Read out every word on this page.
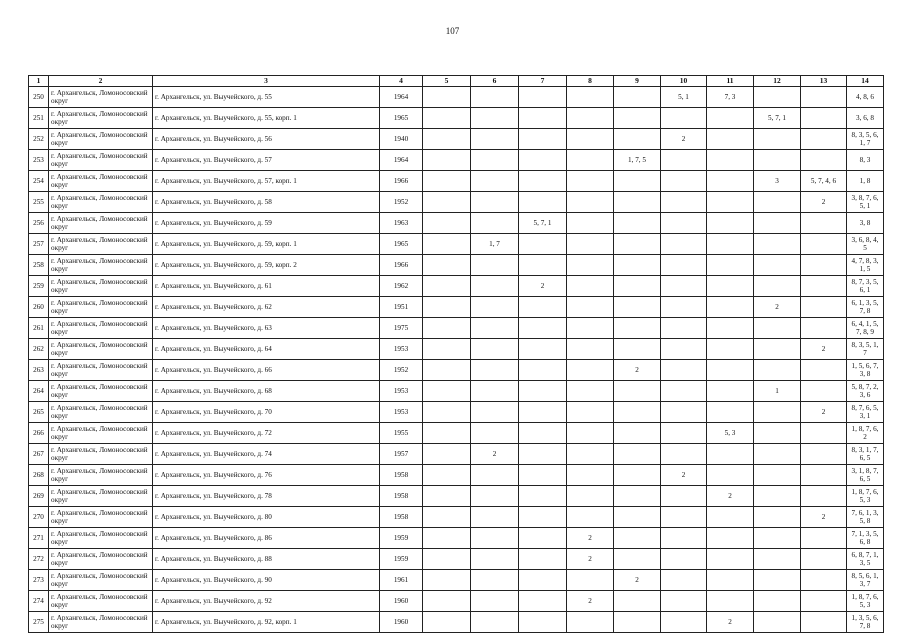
107
1	2	3	4	5	6	7	8	9	10	11	12	13	14
250	г. Архангельск, Ломоносовский округ	г. Архангельск, ул. Выучейского, д. 55	1964						5, 1	7, 3			4, 8, 6
251	г. Архангельск, Ломоносовский округ	г. Архангельск, ул. Выучейского, д. 55, корп. 1	1965								5, 7, 1		3, 6, 8
252	г. Архангельск, Ломоносовский округ	г. Архангельск, ул. Выучейского, д. 56	1940						2				8, 3, 5, 6, 1, 7
253	г. Архангельск, Ломоносовский округ	г. Архангельск, ул. Выучейского, д. 57	1964					1, 7, 5					8, 3
254	г. Архангельск, Ломоносовский округ	г. Архангельск, ул. Выучейского, д. 57, корп. 1	1966								3	5, 7, 4, 6	1, 8
255	г. Архангельск, Ломоносовский округ	г. Архангельск, ул. Выучейского, д. 58	1952									2	3, 8, 7, 6, 5, 1
256	г. Архангельск, Ломоносовский округ	г. Архангельск, ул. Выучейского, д. 59	1963			5, 7, 1							3, 8
257	г. Архангельск, Ломоносовский округ	г. Архангельск, ул. Выучейского, д. 59, корп. 1	1965		1, 7								3, 6, 8, 4, 5
258	г. Архангельск, Ломоносовский округ	г. Архангельск, ул. Выучейского, д. 59, корп. 2	1966										4, 7, 8, 3, 1, 5
259	г. Архангельск, Ломоносовский округ	г. Архангельск, ул. Выучейского, д. 61	1962			2							8, 7, 3, 5, 6, 1
260	г. Архангельск, Ломоносовский округ	г. Архангельск, ул. Выучейского, д. 62	1951								2		6, 1, 3, 5, 7, 8
261	г. Архангельск, Ломоносовский округ	г. Архангельск, ул. Выучейского, д. 63	1975										6, 4, 1, 5, 7, 8, 9
262	г. Архангельск, Ломоносовский округ	г. Архангельск, ул. Выучейского, д. 64	1953									2	8, 3, 5, 1, 7
263	г. Архангельск, Ломоносовский округ	г. Архангельск, ул. Выучейского, д. 66	1952					2					1, 5, 6, 7, 3, 8
264	г. Архангельск, Ломоносовский округ	г. Архангельск, ул. Выучейского, д. 68	1953								1		5, 8, 7, 2, 3, 6
265	г. Архангельск, Ломоносовский округ	г. Архангельск, ул. Выучейского, д. 70	1953									2	8, 7, 6, 5, 3, 1
266	г. Архангельск, Ломоносовский округ	г. Архангельск, ул. Выучейского, д. 72	1955							5, 3			1, 8, 7, 6, 2
267	г. Архангельск, Ломоносовский округ	г. Архангельск, ул. Выучейского, д. 74	1957		2								8, 3, 1, 7, 6, 5
268	г. Архангельск, Ломоносовский округ	г. Архангельск, ул. Выучейского, д. 76	1958						2				3, 1, 8, 7, 6, 5
269	г. Архангельск, Ломоносовский округ	г. Архангельск, ул. Выучейского, д. 78	1958							2			1, 8, 7, 6, 5, 3
270	г. Архангельск, Ломоносовский округ	г. Архангельск, ул. Выучейского, д. 80	1958									2	7, 6, 1, 3, 5, 8
271	г. Архангельск, Ломоносовский округ	г. Архангельск, ул. Выучейского, д. 86	1959				2						7, 1, 3, 5, 6, 8
272	г. Архангельск, Ломоносовский округ	г. Архангельск, ул. Выучейского, д. 88	1959				2						6, 8, 7, 1, 3, 5
273	г. Архангельск, Ломоносовский округ	г. Архангельск, ул. Выучейского, д. 90	1961					2					8, 5, 6, 1, 3, 7
274	г. Архангельск, Ломоносовский округ	г. Архангельск, ул. Выучейского, д. 92	1960				2						1, 8, 7, 6, 5, 3
275	г. Архангельск, Ломоносовский округ	г. Архангельск, ул. Выучейского, д. 92, корп. 1	1960							2			1, 3, 5, 6, 7, 8
